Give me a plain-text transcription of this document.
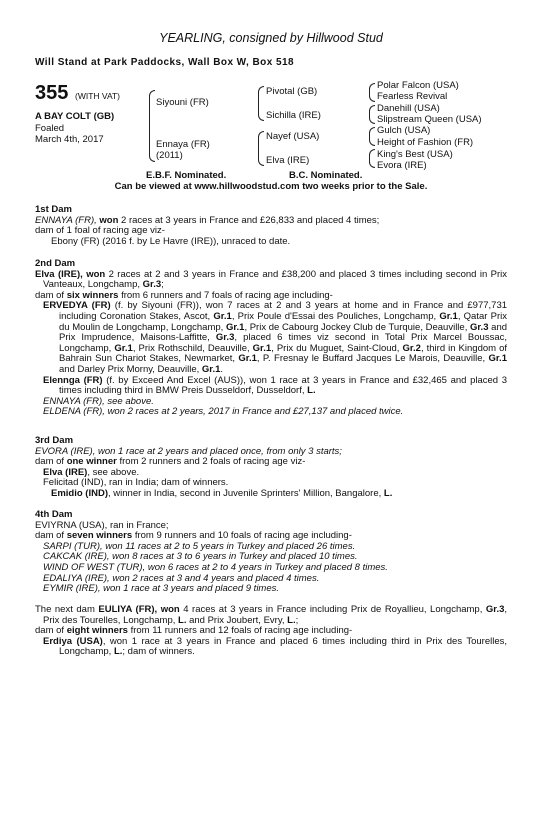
YEARLING, consigned by Hillwood Stud
Will Stand at Park Paddocks, Wall Box W, Box 518
355 (WITH VAT)
A BAY COLT (GB)
Foaled
March 4th, 2017
Siyouni (FR)
Ennaya (FR)
(2011)
Pivotal (GB)
Sichilla (IRE)
Nayef (USA)
Elva (IRE)
Polar Falcon (USA)
Fearless Revival
Danehill (USA)
Slipstream Queen (USA)
Gulch (USA)
Height of Fashion (FR)
King's Best (USA)
Evora (IRE)
E.B.F. Nominated.	B.C. Nominated.
Can be viewed at www.hillwoodstud.com two weeks prior to the Sale.

1st Dam

ENNAYA (FR), won 2 races at 3 years in France and £26,833 and placed 4 times;

dam of 1 foal of racing age viz-

Ebony (FR) (2016 f. by Le Havre (IRE)), unraced to date.

2nd Dam

Elva (IRE), won 2 races at 2 and 3 years in France and £38,200 and placed 3 times including second in Prix Vanteaux, Longchamp, Gr.3;

dam of six winners from 6 runners and 7 foals of racing age including-

ERVEDYA (FR) (f. by Siyouni (FR)), won 7 races at 2 and 3 years at home and in France and £977,731 including Coronation Stakes, Ascot, Gr.1, Prix Poule d'Essai des Pouliches, Longchamp, Gr.1, Qatar Prix du Moulin de Longchamp, Longchamp, Gr.1, Prix de Cabourg Jockey Club de Turquie, Deauville, Gr.3 and Prix Imprudence, Maisons-Laffitte, Gr.3, placed 6 times viz second in Total Prix Marcel Boussac, Longchamp, Gr.1, Prix Rothschild, Deauville, Gr.1, Prix du Muguet, Saint-Cloud, Gr.2, third in Kingdom of Bahrain Sun Chariot Stakes, Newmarket, Gr.1, P. Fresnay le Buffard Jacques Le Marois, Deauville, Gr.1 and Darley Prix Morny, Deauville, Gr.1.

Elennga (FR) (f. by Exceed And Excel (AUS)), won 1 race at 3 years in France and £32,465 and placed 3 times including third in BMW Preis Dusseldorf, Dusseldorf, L.

ENNAYA (FR), see above.

ELDENA (FR), won 2 races at 2 years, 2017 in France and £27,137 and placed twice.

3rd Dam

EVORA (IRE), won 1 race at 2 years and placed once, from only 3 starts;

dam of one winner from 2 runners and 2 foals of racing age viz-

Elva (IRE), see above.

Felicitad (IND), ran in India; dam of winners.

Emidio (IND), winner in India, second in Juvenile Sprinters' Million, Bangalore, L.

4th Dam

EVIYRNA (USA), ran in France;

dam of seven winners from 9 runners and 10 foals of racing age including-

SARPI (TUR), won 11 races at 2 to 5 years in Turkey and placed 26 times.

CAKCAK (IRE), won 8 races at 3 to 6 years in Turkey and placed 10 times.

WIND OF WEST (TUR), won 6 races at 2 to 4 years in Turkey and placed 8 times.

EDALIYA (IRE), won 2 races at 3 and 4 years and placed 4 times.

EYMIR (IRE), won 1 race at 3 years and placed 9 times.

The next dam EULIYA (FR), won 4 races at 3 years in France including Prix de Royallieu, Longchamp, Gr.3, Prix des Tourelles, Longchamp, L. and Prix Joubert, Evry, L.;

dam of eight winners from 11 runners and 12 foals of racing age including-

Erdiya (USA), won 1 race at 3 years in France and placed 6 times including third in Prix des Tourelles, Longchamp, L.; dam of winners.
